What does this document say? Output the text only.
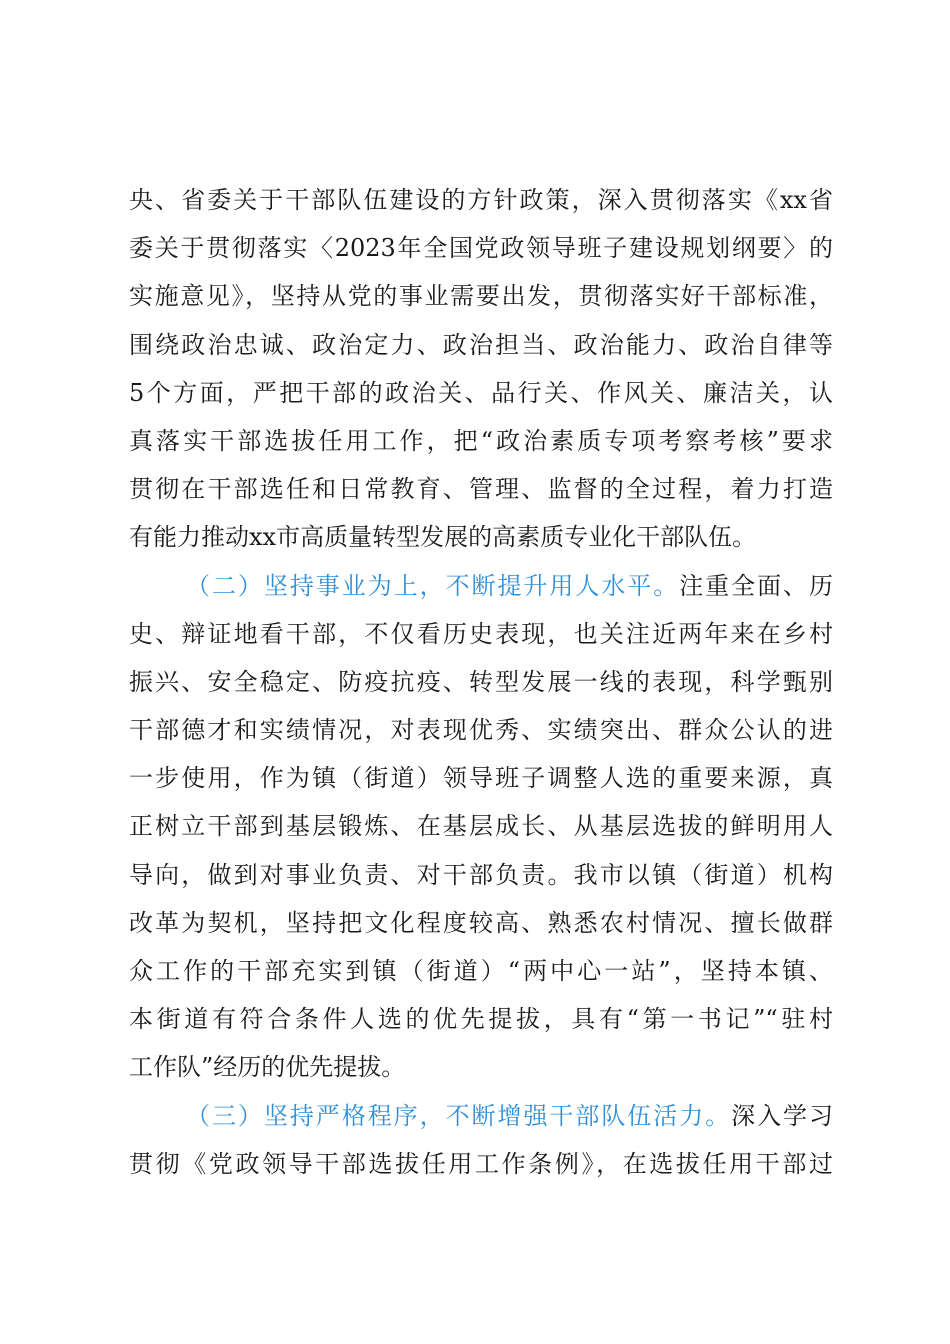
央、省委关于干部队伍建设的方针政策，深入贯彻落实《xx省
委关于贯彻落实〈2023年全国党政领导班子建设规划纲要〉的
实施意见》，坚持从党的事业需要出发，贯彻落实好干部标准，
围绕政治忠诚、政治定力、政治担当、政治能力、政治自律等
5个方面，严把干部的政治关、品行关、作风关、廉洁关，认
真落实干部选拔任用工作，把“政治素质专项考察考核”要求
贯彻在干部选任和日常教育、管理、监督的全过程，着力打造
有能力推动xx市高质量转型发展的高素质专业化干部队伍。
（二）坚持事业为上，不断提升用人水平。注重全面、历
史、辩证地看干部，不仅看历史表现，也关注近两年来在乡村
振兴、安全稳定、防疫抗疫、转型发展一线的表现，科学甄别
干部德才和实绩情况，对表现优秀、实绩突出、群众公认的进
一步使用，作为镇（街道）领导班子调整人选的重要来源，真
正树立干部到基层锻炼、在基层成长、从基层选拔的鲜明用人
导向，做到对事业负责、对干部负责。我市以镇（街道）机构
改革为契机，坚持把文化程度较高、熟悉农村情况、擅长做群
众工作的干部充实到镇（街道）“两中心一站”，坚持本镇、
本街道有符合条件人选的优先提拔，具有“第一书记”“驻村
工作队”经历的优先提拔。
（三）坚持严格程序，不断增强干部队伍活力。深入学习
贯彻《党政领导干部选拔任用工作条例》，在选拔任用干部过
